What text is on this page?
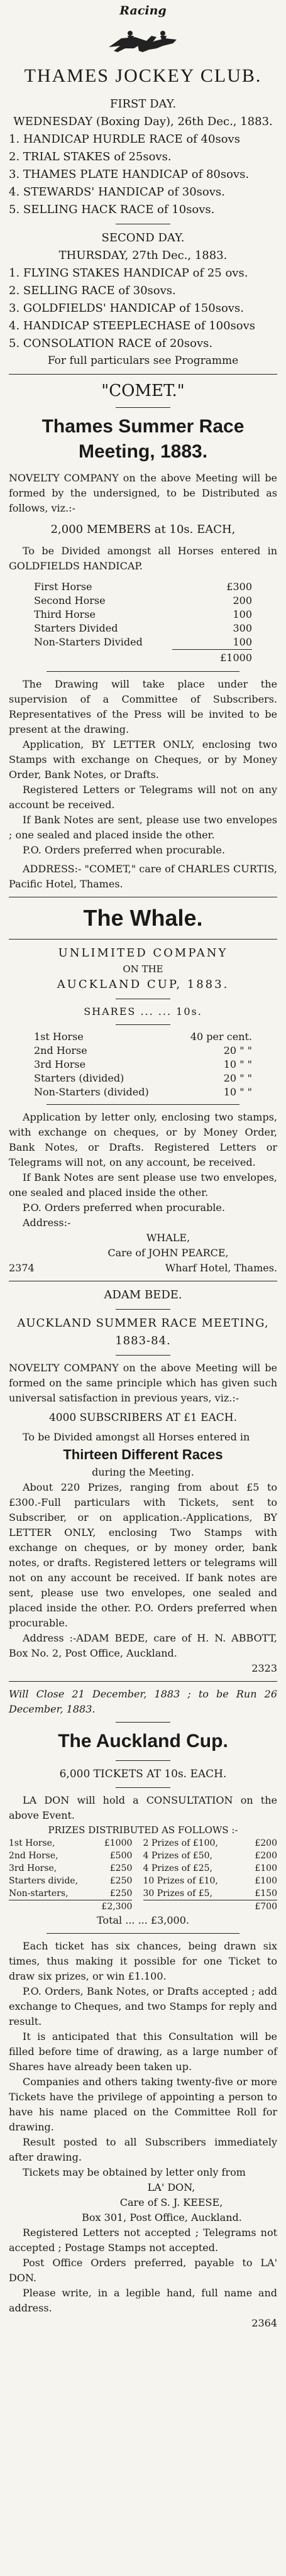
Racing
THAMES JOCKEY CLUB.
FIRST DAY.
WEDNESDAY (Boxing Day), 26th Dec., 1883.
1. HANDICAP HURDLE RACE of 40sovs
2. TRIAL STAKES of 25sovs.
3. THAMES PLATE HANDICAP of 80sovs.
4. STEWARDS' HANDICAP of 30sovs.
5. SELLING HACK RACE of 10sovs.
SECOND DAY.
THURSDAY, 27th Dec., 1883.
1. FLYING STAKES HANDICAP of 25 ovs.
2. SELLING RACE of 30sovs.
3. GOLDFIELDS' HANDICAP of 150sovs.
4. HANDICAP STEEPLECHASE of 100sovs
5. CONSOLATION RACE of 20sovs.
For full particulars see Programme
"COMET."
Thames Summer Race Meeting, 1883.
NOVELTY COMPANY on the above Meeting will be formed by the undersigned, to be Distributed as follows, viz.:-
2,000 MEMBERS at 10s. EACH,
To be Divided amongst all Horses entered in GOLDFIELDS HANDICAP.
First Horse	£300
Second Horse	200
Third Horse	100
Starters Divided	300
Non-Starters Divided	100
£1000
The Drawing will take place under the supervision of a Committee of Subscribers. Representatives of the Press will be invited to be present at the drawing.
Application, BY LETTER ONLY, enclosing two Stamps with exchange on Cheques, or by Money Order, Bank Notes, or Drafts.
Registered Letters or Telegrams will not on any account be received.
If Bank Notes are sent, please use two envelopes ; one sealed and placed inside the other.
P.O. Orders preferred when procurable.
ADDRESS:- "COMET," care of CHARLES CURTIS, Pacific Hotel, Thames.
The Whale.
UNLIMITED COMPANY
ON THE
AUCKLAND CUP, 1883.
SHARES ... ... 10s.
1st Horse	40 per cent.
2nd Horse	20 " "
3rd Horse	10 " "
Starters (divided)	20 " "
Non-Starters (divided)	10 " "
Application by letter only, enclosing two stamps, with exchange on cheques, or by Money Order, Bank Notes, or Drafts. Registered Letters or Telegrams will not, on any account, be received.
If Bank Notes are sent please use two envelopes, one sealed and placed inside the other.
P.O. Orders preferred when procurable.
Address:-
WHALE,
Care of JOHN PEARCE,
2374	Wharf Hotel, Thames.
ADAM BEDE.
AUCKLAND SUMMER RACE MEETING, 1883-84.
NOVELTY COMPANY on the above Meeting will be formed on the same principle which has given such universal satisfaction in previous years, viz.:-
4000 SUBSCRIBERS AT £1 EACH.
To be Divided amongst all Horses entered in
Thirteen Different Races
during the Meeting.
About 220 Prizes, ranging from about £5 to £300.-Full particulars with Tickets, sent to Subscriber, or on application.-Applications, BY LETTER ONLY, enclosing Two Stamps with exchange on cheques, or by money order, bank notes, or drafts. Registered letters or telegrams will not on any account be received. If bank notes are sent, please use two envelopes, one sealed and placed inside the other. P.O. Orders preferred when procurable.
Address :-ADAM BEDE, care of H. N. ABBOTT, Box No. 2, Post Office, Auckland.
2323
Will Close 21 December, 1883 ; to be Run 26 December, 1883.
The Auckland Cup.
6,000 TICKETS AT 10s. EACH.
LA DON will hold a CONSULTATION on the above Event.
PRIZES DISTRIBUTED AS FOLLOWS :-
1st Horse,	£1000
2nd Horse,	£500
3rd Horse,	£250
Starters divide,	£250
Non-starters,	£250
£2,300
2 Prizes of £100,	£200
4 Prizes of £50,	£200
4 Prizes of £25,	£100
10 Prizes of £10,	£100
30 Prizes of £5,	£150
£700
Total ... ... £3,000.
Each ticket has six chances, being drawn six times, thus making it possible for one Ticket to draw six prizes, or win £1.100.
P.O. Orders, Bank Notes, or Drafts accepted ; add exchange to Cheques, and two Stamps for reply and result.
It is anticipated that this Consultation will be filled before time of drawing, as a large number of Shares have already been taken up.
Companies and others taking twenty-five or more Tickets have the privilege of appointing a person to have his name placed on the Committee Roll for drawing.
Result posted to all Subscribers immediately after drawing.
Tickets may be obtained by letter only from
LA' DON,
Care of S. J. KEESE,
Box 301, Post Office, Auckland.
Registered Letters not accepted ; Telegrams not accepted ; Postage Stamps not accepted.
Post Office Orders preferred, payable to LA' DON.
Please write, in a legible hand, full name and address.
2364
